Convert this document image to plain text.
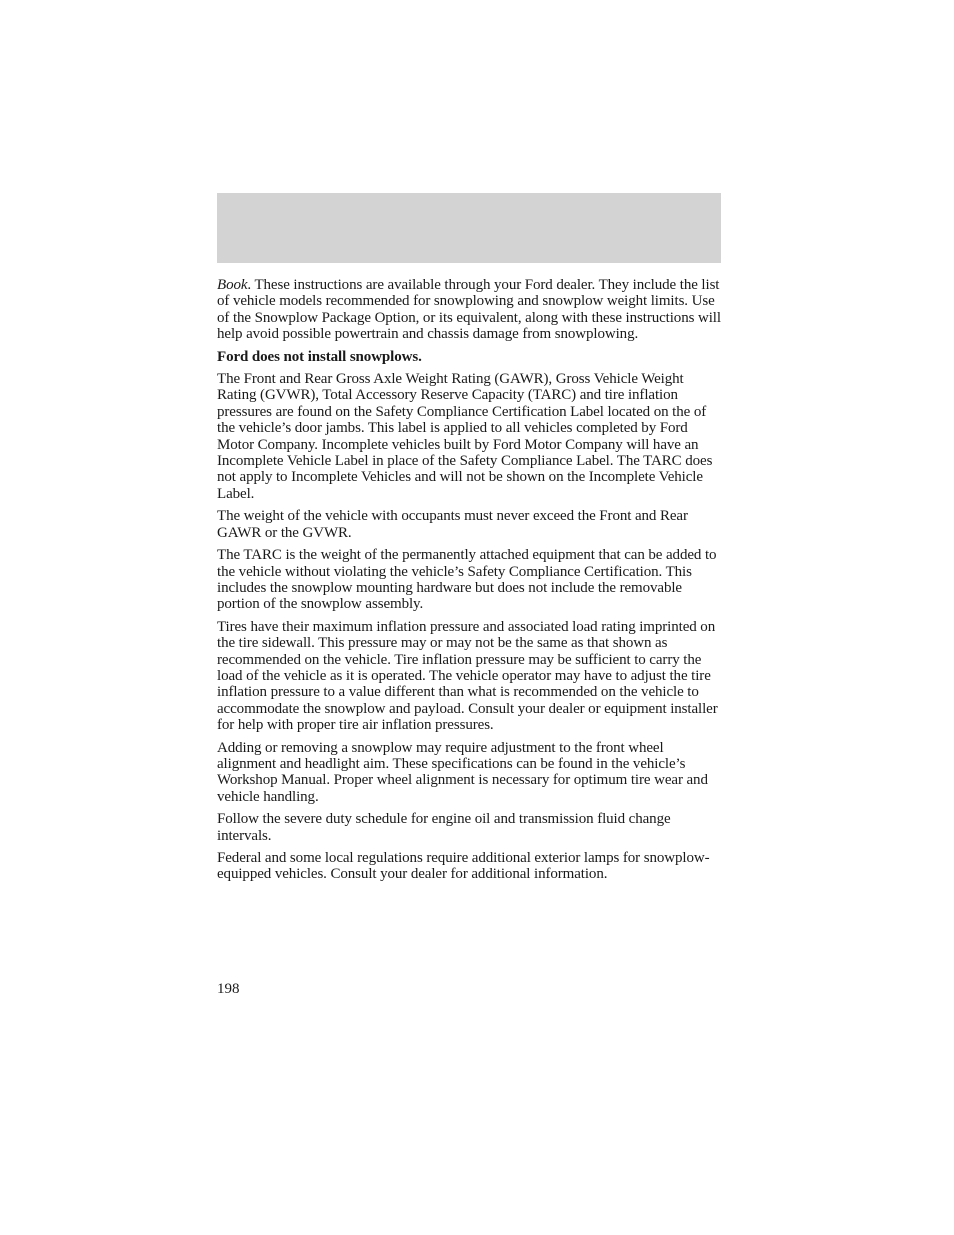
Book. These instructions are available through your Ford dealer. They include the list of vehicle models recommended for snowplowing and snowplow weight limits. Use of the Snowplow Package Option, or its equivalent, along with these instructions will help avoid possible powertrain and chassis damage from snowplowing.

Ford does not install snowplows.

The Front and Rear Gross Axle Weight Rating (GAWR), Gross Vehicle Weight Rating (GVWR), Total Accessory Reserve Capacity (TARC) and tire inflation pressures are found on the Safety Compliance Certification Label located on the of the vehicle’s door jambs. This label is applied to all vehicles completed by Ford Motor Company. Incomplete vehicles built by Ford Motor Company will have an Incomplete Vehicle Label in place of the Safety Compliance Label. The TARC does not apply to Incomplete Vehicles and will not be shown on the Incomplete Vehicle Label.

The weight of the vehicle with occupants must never exceed the Front and Rear GAWR or the GVWR.

The TARC is the weight of the permanently attached equipment that can be added to the vehicle without violating the vehicle’s Safety Compliance Certification. This includes the snowplow mounting hardware but does not include the removable portion of the snowplow assembly.

Tires have their maximum inflation pressure and associated load rating imprinted on the tire sidewall. This pressure may or may not be the same as that shown as recommended on the vehicle. Tire inflation pressure may be sufficient to carry the load of the vehicle as it is operated. The vehicle operator may have to adjust the tire inflation pressure to a value different than what is recommended on the vehicle to accommodate the snowplow and payload. Consult your dealer or equipment installer for help with proper tire air inflation pressures.

Adding or removing a snowplow may require adjustment to the front wheel alignment and headlight aim. These specifications can be found in the vehicle’s Workshop Manual. Proper wheel alignment is necessary for optimum tire wear and vehicle handling.

Follow the severe duty schedule for engine oil and transmission fluid change intervals.

Federal and some local regulations require additional exterior lamps for snowplow-equipped vehicles. Consult your dealer for additional information.

198
